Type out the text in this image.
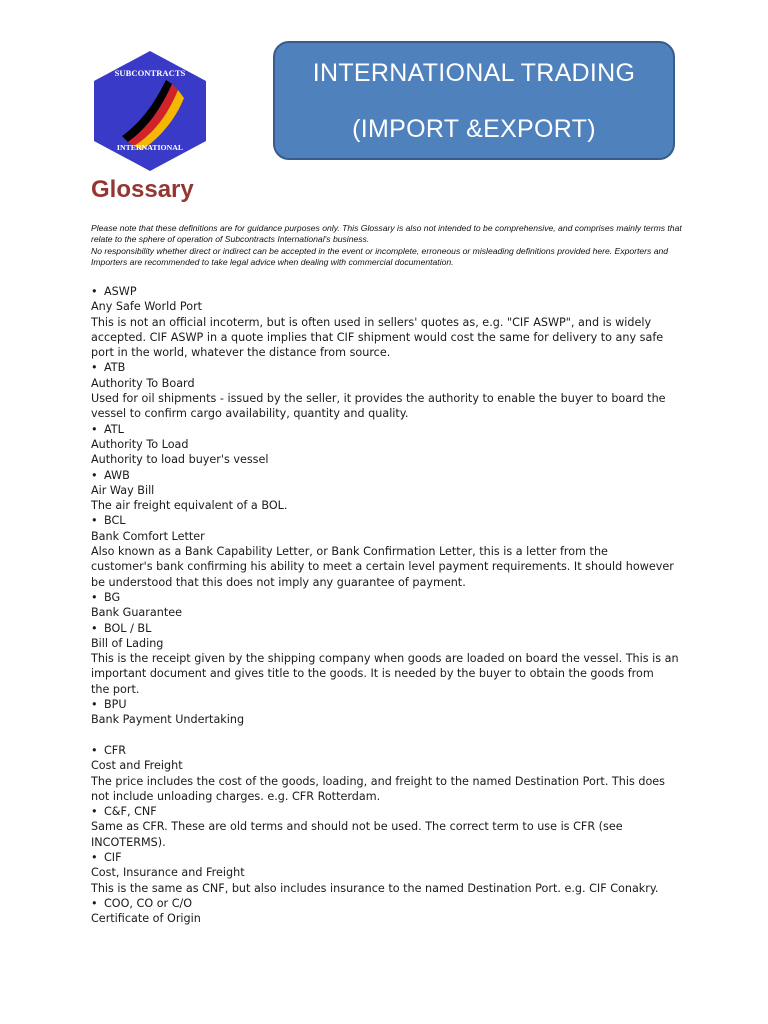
SUBCONTRACTS
INTERNATIONAL
INTERNATIONAL TRADING
(IMPORT &EXPORT)
Glossary

Please note that these definitions are for guidance purposes only. This Glossary is also not intended to be comprehensive, and comprises mainly terms that relate to the sphere of operation of Subcontracts International's business.

No responsibility whether direct or indirect can be accepted in the event or incomplete, erroneous or misleading definitions provided here. Exporters and Importers are recommended to take legal advice when dealing with commercial documentation.

• ASWP

Any Safe World Port

This is not an official incoterm, but is often used in sellers' quotes as, e.g. "CIF ASWP", and is widely

accepted. CIF ASWP in a quote implies that CIF shipment would cost the same for delivery to any safe

port in the world, whatever the distance from source.

• ATB

Authority To Board

Used for oil shipments - issued by the seller, it provides the authority to enable the buyer to board the

vessel to confirm cargo availability, quantity and quality.

• ATL

Authority To Load

Authority to load buyer's vessel

• AWB

Air Way Bill

The air freight equivalent of a BOL.

• BCL

Bank Comfort Letter

Also known as a Bank Capability Letter, or Bank Confirmation Letter, this is a letter from the

customer's bank confirming his ability to meet a certain level payment requirements. It should however

be understood that this does not imply any guarantee of payment.

• BG

Bank Guarantee

• BOL / BL

Bill of Lading

This is the receipt given by the shipping company when goods are loaded on board the vessel. This is an

important document and gives title to the goods. It is needed by the buyer to obtain the goods from

the port.

• BPU

Bank Payment Undertaking

• CFR

Cost and Freight

The price includes the cost of the goods, loading, and freight to the named Destination Port. This does

not include unloading charges. e.g. CFR Rotterdam.

• C&F, CNF

Same as CFR. These are old terms and should not be used. The correct term to use is CFR (see

INCOTERMS).

• CIF

Cost, Insurance and Freight

This is the same as CNF, but also includes insurance to the named Destination Port. e.g. CIF Conakry.

• COO, CO or C/O

Certificate of Origin
